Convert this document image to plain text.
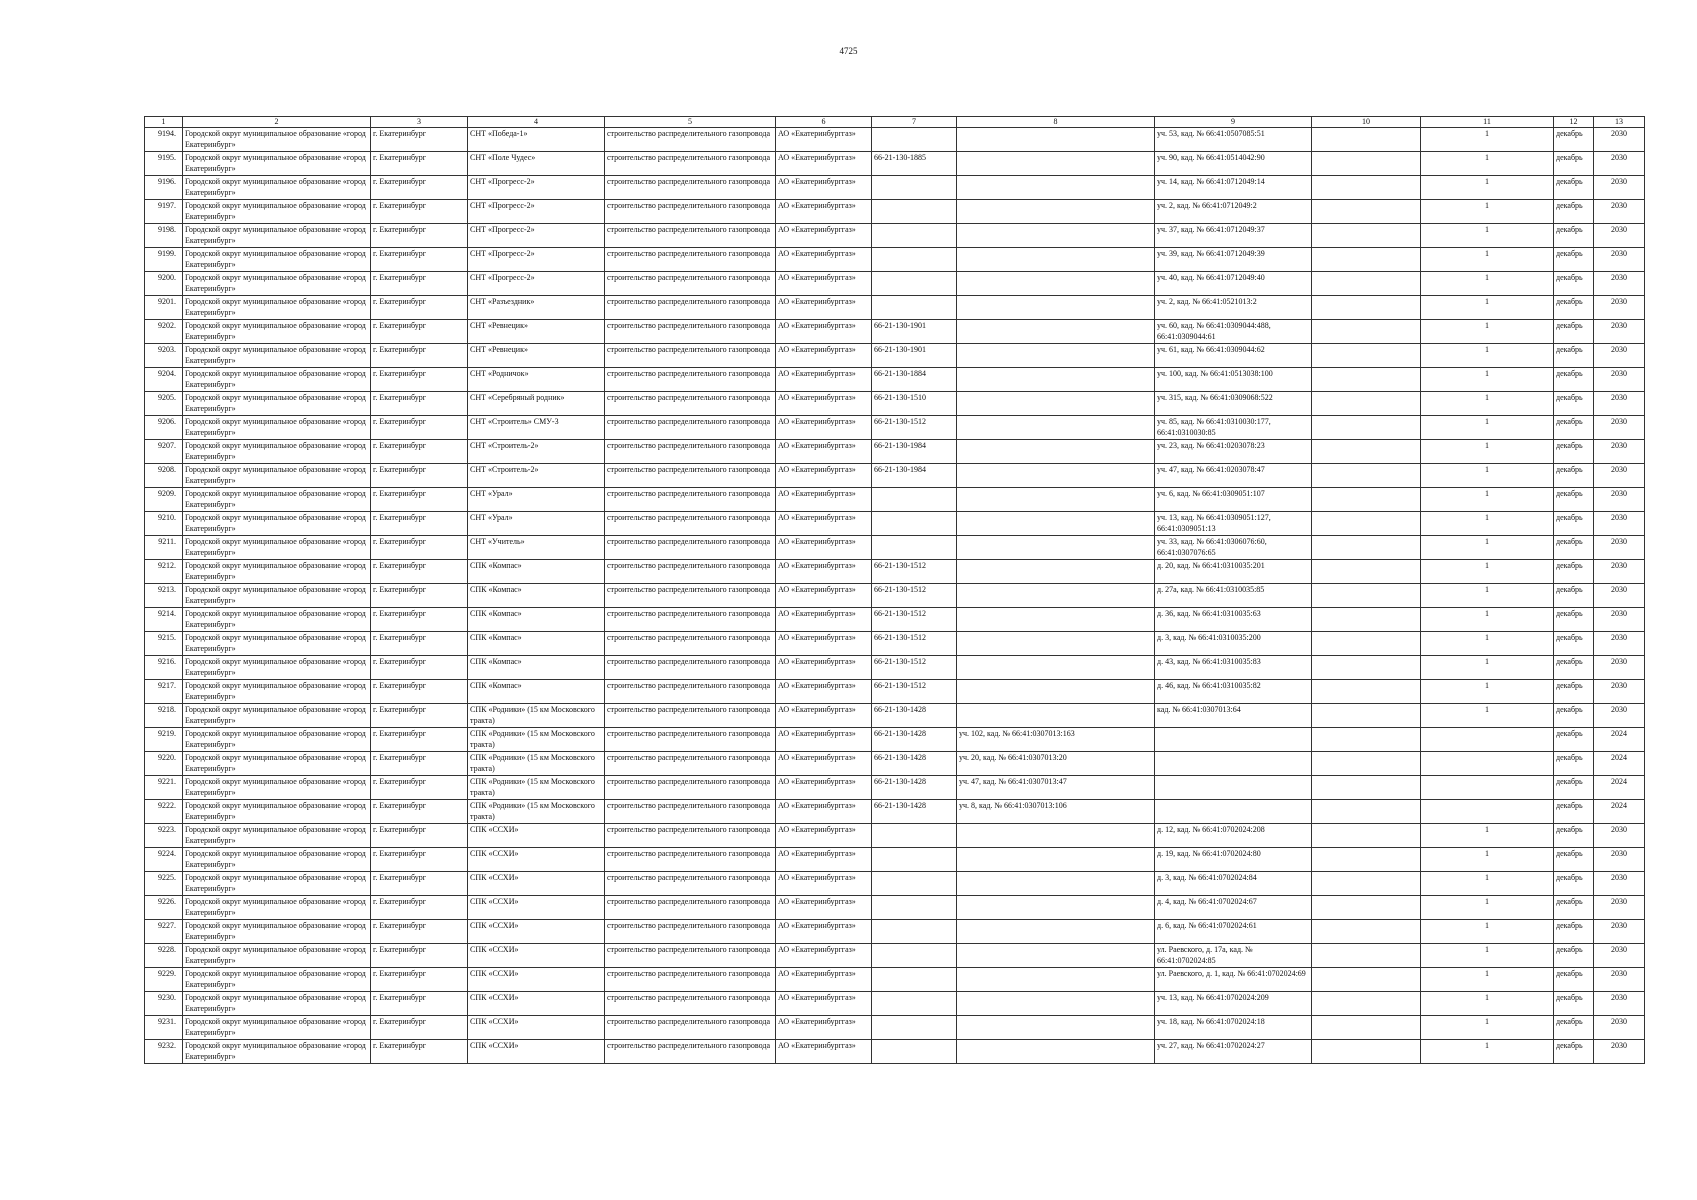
4725
1	2	3	4	5	6	7	8	9	10	11	12	13
9194.	Городской округ муниципальное образование «город Екатеринбург»	г. Екатеринбург	СНТ «Победа-1»	строительство распределительного газопровода	АО «Екатеринбурггаз»			уч. 53, кад. № 66:41:0507085:51		1	декабрь	2030
9195.	Городской округ муниципальное образование «город Екатеринбург»	г. Екатеринбург	СНТ «Поле Чудес»	строительство распределительного газопровода	АО «Екатеринбурггаз»	66-21-130-1885		уч. 90, кад. № 66:41:0514042:90		1	декабрь	2030
9196.	Городской округ муниципальное образование «город Екатеринбург»	г. Екатеринбург	СНТ «Прогресс-2»	строительство распределительного газопровода	АО «Екатеринбурггаз»			уч. 14, кад. № 66:41:0712049:14		1	декабрь	2030
9197.	Городской округ муниципальное образование «город Екатеринбург»	г. Екатеринбург	СНТ «Прогресс-2»	строительство распределительного газопровода	АО «Екатеринбурггаз»			уч. 2, кад. № 66:41:0712049:2		1	декабрь	2030
9198.	Городской округ муниципальное образование «город Екатеринбург»	г. Екатеринбург	СНТ «Прогресс-2»	строительство распределительного газопровода	АО «Екатеринбурггаз»			уч. 37, кад. № 66:41:0712049:37		1	декабрь	2030
9199.	Городской округ муниципальное образование «город Екатеринбург»	г. Екатеринбург	СНТ «Прогресс-2»	строительство распределительного газопровода	АО «Екатеринбурггаз»			уч. 39, кад. № 66:41:0712049:39		1	декабрь	2030
9200.	Городской округ муниципальное образование «город Екатеринбург»	г. Екатеринбург	СНТ «Прогресс-2»	строительство распределительного газопровода	АО «Екатеринбурггаз»			уч. 40, кад. № 66:41:0712049:40		1	декабрь	2030
9201.	Городской округ муниципальное образование «город Екатеринбург»	г. Екатеринбург	СНТ «Разъездник»	строительство распределительного газопровода	АО «Екатеринбурггаз»			уч. 2, кад. № 66:41:0521013:2		1	декабрь	2030
9202.	Городской округ муниципальное образование «город Екатеринбург»	г. Екатеринбург	СНТ «Ревнецик»	строительство распределительного газопровода	АО «Екатеринбурггаз»	66-21-130-1901		уч. 60, кад. № 66:41:0309044:488, 66:41:0309044:61		1	декабрь	2030
9203.	Городской округ муниципальное образование «город Екатеринбург»	г. Екатеринбург	СНТ «Ревнецик»	строительство распределительного газопровода	АО «Екатеринбурггаз»	66-21-130-1901		уч. 61, кад. № 66:41:0309044:62		1	декабрь	2030
9204.	Городской округ муниципальное образование «город Екатеринбург»	г. Екатеринбург	СНТ «Родничок»	строительство распределительного газопровода	АО «Екатеринбурггаз»	66-21-130-1884		уч. 100, кад. № 66:41:0513038:100		1	декабрь	2030
9205.	Городской округ муниципальное образование «город Екатеринбург»	г. Екатеринбург	СНТ «Серебряный родник»	строительство распределительного газопровода	АО «Екатеринбурггаз»	66-21-130-1510		уч. 315, кад. № 66:41:0309068:522		1	декабрь	2030
9206.	Городской округ муниципальное образование «город Екатеринбург»	г. Екатеринбург	СНТ «Строитель» СМУ-3	строительство распределительного газопровода	АО «Екатеринбурггаз»	66-21-130-1512		уч. 85, кад. № 66:41:0310030:177, 66:41:0310030:85		1	декабрь	2030
9207.	Городской округ муниципальное образование «город Екатеринбург»	г. Екатеринбург	СНТ «Строитель-2»	строительство распределительного газопровода	АО «Екатеринбурггаз»	66-21-130-1984		уч. 23, кад. № 66:41:0203078:23		1	декабрь	2030
9208.	Городской округ муниципальное образование «город Екатеринбург»	г. Екатеринбург	СНТ «Строитель-2»	строительство распределительного газопровода	АО «Екатеринбурггаз»	66-21-130-1984		уч. 47, кад. № 66:41:0203078:47		1	декабрь	2030
9209.	Городской округ муниципальное образование «город Екатеринбург»	г. Екатеринбург	СНТ «Урал»	строительство распределительного газопровода	АО «Екатеринбурггаз»			уч. 6, кад. № 66:41:0309051:107		1	декабрь	2030
9210.	Городской округ муниципальное образование «город Екатеринбург»	г. Екатеринбург	СНТ «Урал»	строительство распределительного газопровода	АО «Екатеринбурггаз»			уч. 13, кад. № 66:41:0309051:127, 66:41:0309051:13		1	декабрь	2030
9211.	Городской округ муниципальное образование «город Екатеринбург»	г. Екатеринбург	СНТ «Учитель»	строительство распределительного газопровода	АО «Екатеринбурггаз»			уч. 33, кад. № 66:41:0306076:60, 66:41:0307076:65		1	декабрь	2030
9212.	Городской округ муниципальное образование «город Екатеринбург»	г. Екатеринбург	СПК «Компас»	строительство распределительного газопровода	АО «Екатеринбурггаз»	66-21-130-1512		д. 20, кад. № 66:41:0310035:201		1	декабрь	2030
9213.	Городской округ муниципальное образование «город Екатеринбург»	г. Екатеринбург	СПК «Компас»	строительство распределительного газопровода	АО «Екатеринбурггаз»	66-21-130-1512		д. 27а, кад. № 66:41:0310035:85		1	декабрь	2030
9214.	Городской округ муниципальное образование «город Екатеринбург»	г. Екатеринбург	СПК «Компас»	строительство распределительного газопровода	АО «Екатеринбурггаз»	66-21-130-1512		д. 36, кад. № 66:41:0310035:63		1	декабрь	2030
9215.	Городской округ муниципальное образование «город Екатеринбург»	г. Екатеринбург	СПК «Компас»	строительство распределительного газопровода	АО «Екатеринбурггаз»	66-21-130-1512		д. 3, кад. № 66:41:0310035:200		1	декабрь	2030
9216.	Городской округ муниципальное образование «город Екатеринбург»	г. Екатеринбург	СПК «Компас»	строительство распределительного газопровода	АО «Екатеринбурггаз»	66-21-130-1512		д. 43, кад. № 66:41:0310035:83		1	декабрь	2030
9217.	Городской округ муниципальное образование «город Екатеринбург»	г. Екатеринбург	СПК «Компас»	строительство распределительного газопровода	АО «Екатеринбурггаз»	66-21-130-1512		д. 46, кад. № 66:41:0310035:82		1	декабрь	2030
9218.	Городской округ муниципальное образование «город Екатеринбург»	г. Екатеринбург	СПК «Родники» (15 км Московского тракта)	строительство распределительного газопровода	АО «Екатеринбурггаз»	66-21-130-1428		кад. № 66:41:0307013:64		1	декабрь	2030
9219.	Городской округ муниципальное образование «город Екатеринбург»	г. Екатеринбург	СПК «Родники» (15 км Московского тракта)	строительство распределительного газопровода	АО «Екатеринбурггаз»	66-21-130-1428	уч. 102, кад. № 66:41:0307013:163				декабрь	2024
9220.	Городской округ муниципальное образование «город Екатеринбург»	г. Екатеринбург	СПК «Родники» (15 км Московского тракта)	строительство распределительного газопровода	АО «Екатеринбурггаз»	66-21-130-1428	уч. 20, кад. № 66:41:0307013:20				декабрь	2024
9221.	Городской округ муниципальное образование «город Екатеринбург»	г. Екатеринбург	СПК «Родники» (15 км Московского тракта)	строительство распределительного газопровода	АО «Екатеринбурггаз»	66-21-130-1428	уч. 47, кад. № 66:41:0307013:47				декабрь	2024
9222.	Городской округ муниципальное образование «город Екатеринбург»	г. Екатеринбург	СПК «Родники» (15 км Московского тракта)	строительство распределительного газопровода	АО «Екатеринбурггаз»	66-21-130-1428	уч. 8, кад. № 66:41:0307013:106				декабрь	2024
9223.	Городской округ муниципальное образование «город Екатеринбург»	г. Екатеринбург	СПК «ССХИ»	строительство распределительного газопровода	АО «Екатеринбурггаз»			д. 12, кад. № 66:41:0702024:208		1	декабрь	2030
9224.	Городской округ муниципальное образование «город Екатеринбург»	г. Екатеринбург	СПК «ССХИ»	строительство распределительного газопровода	АО «Екатеринбурггаз»			д. 19, кад. № 66:41:0702024:80		1	декабрь	2030
9225.	Городской округ муниципальное образование «город Екатеринбург»	г. Екатеринбург	СПК «ССХИ»	строительство распределительного газопровода	АО «Екатеринбурггаз»			д. 3, кад. № 66:41:0702024:84		1	декабрь	2030
9226.	Городской округ муниципальное образование «город Екатеринбург»	г. Екатеринбург	СПК «ССХИ»	строительство распределительного газопровода	АО «Екатеринбурггаз»			д. 4, кад. № 66:41:0702024:67		1	декабрь	2030
9227.	Городской округ муниципальное образование «город Екатеринбург»	г. Екатеринбург	СПК «ССХИ»	строительство распределительного газопровода	АО «Екатеринбурггаз»			д. 6, кад. № 66:41:0702024:61		1	декабрь	2030
9228.	Городской округ муниципальное образование «город Екатеринбург»	г. Екатеринбург	СПК «ССХИ»	строительство распределительного газопровода	АО «Екатеринбурггаз»			ул. Раевского, д. 17а, кад. № 66:41:0702024:85		1	декабрь	2030
9229.	Городской округ муниципальное образование «город Екатеринбург»	г. Екатеринбург	СПК «ССХИ»	строительство распределительного газопровода	АО «Екатеринбурггаз»			ул. Раевского, д. 1, кад. № 66:41:0702024:69		1	декабрь	2030
9230.	Городской округ муниципальное образование «город Екатеринбург»	г. Екатеринбург	СПК «ССХИ»	строительство распределительного газопровода	АО «Екатеринбурггаз»			уч. 13, кад. № 66:41:0702024:209		1	декабрь	2030
9231.	Городской округ муниципальное образование «город Екатеринбург»	г. Екатеринбург	СПК «ССХИ»	строительство распределительного газопровода	АО «Екатеринбурггаз»			уч. 18, кад. № 66:41:0702024:18		1	декабрь	2030
9232.	Городской округ муниципальное образование «город Екатеринбург»	г. Екатеринбург	СПК «ССХИ»	строительство распределительного газопровода	АО «Екатеринбурггаз»			уч. 27, кад. № 66:41:0702024:27		1	декабрь	2030
